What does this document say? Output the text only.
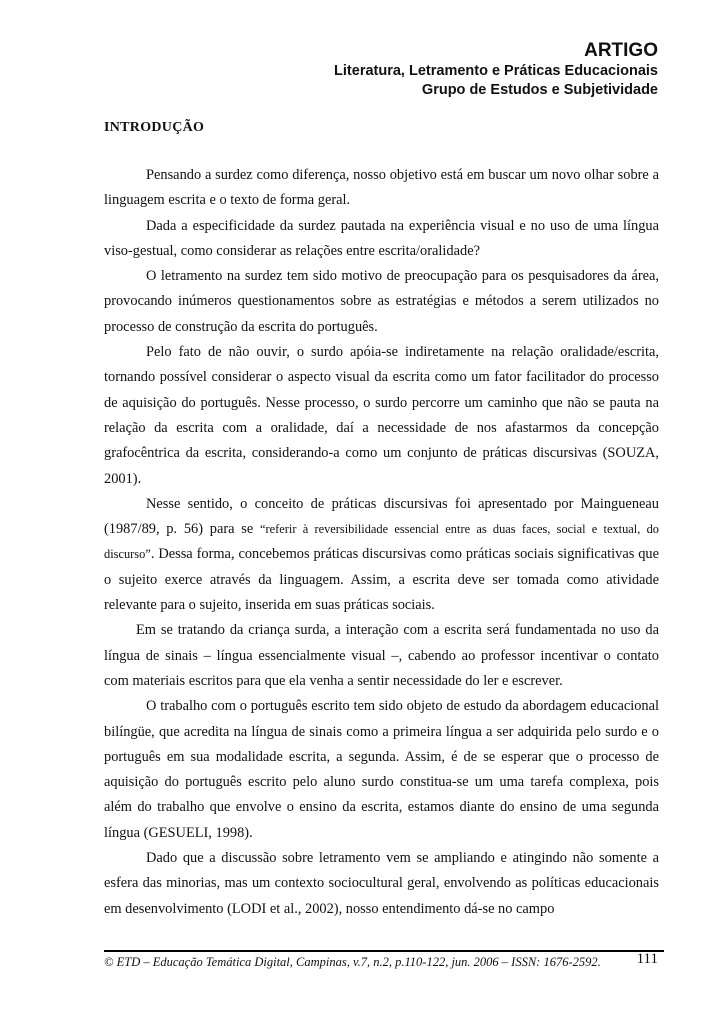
ARTIGO
Literatura, Letramento e Práticas Educacionais
Grupo de Estudos e Subjetividade
INTRODUÇÃO

Pensando a surdez como diferença, nosso objetivo está em buscar um novo olhar sobre a linguagem escrita e o texto de forma geral.

Dada a especificidade da surdez pautada na experiência visual e no uso de uma língua viso-gestual, como considerar as relações entre escrita/oralidade?

O letramento na surdez tem sido motivo de preocupação para os pesquisadores da área, provocando inúmeros questionamentos sobre as estratégias e métodos a serem utilizados no processo de construção da escrita do português.

Pelo fato de não ouvir, o surdo apóia-se indiretamente na relação oralidade/escrita, tornando possível considerar o aspecto visual da escrita como um fator facilitador do processo de aquisição do português. Nesse processo, o surdo percorre um caminho que não se pauta na relação da escrita com a oralidade, daí a necessidade de nos afastarmos da concepção grafocêntrica da escrita, considerando-a como um conjunto de práticas discursivas (SOUZA, 2001).

Nesse sentido, o conceito de práticas discursivas foi apresentado por Maingueneau (1987/89, p. 56) para se “referir à reversibilidade essencial entre as duas faces, social e textual, do discurso”. Dessa forma, concebemos práticas discursivas como práticas sociais significativas que o sujeito exerce através da linguagem. Assim, a escrita deve ser tomada como atividade relevante para o sujeito, inserida em suas práticas sociais.

Em se tratando da criança surda, a interação com a escrita será fundamentada no uso da língua de sinais – língua essencialmente visual –, cabendo ao professor incentivar o contato com materiais escritos para que ela venha a sentir necessidade do ler e escrever.

O trabalho com o português escrito tem sido objeto de estudo da abordagem educacional bilíngüe, que acredita na língua de sinais como a primeira língua a ser adquirida pelo surdo e o português em sua modalidade escrita, a segunda. Assim, é de se esperar que o processo de aquisição do português escrito pelo aluno surdo constitua-se um uma tarefa complexa, pois além do trabalho que envolve o ensino da escrita, estamos diante do ensino de uma segunda língua (GESUELI, 1998).

Dado que a discussão sobre letramento vem se ampliando e atingindo não somente a esfera das minorias, mas um contexto sociocultural geral, envolvendo as políticas educacionais em desenvolvimento (LODI et al., 2002), nosso entendimento dá-se no campo

© ETD – Educação Temática Digital, Campinas, v.7, n.2, p.110-122, jun. 2006 – ISSN: 1676-2592.	111
